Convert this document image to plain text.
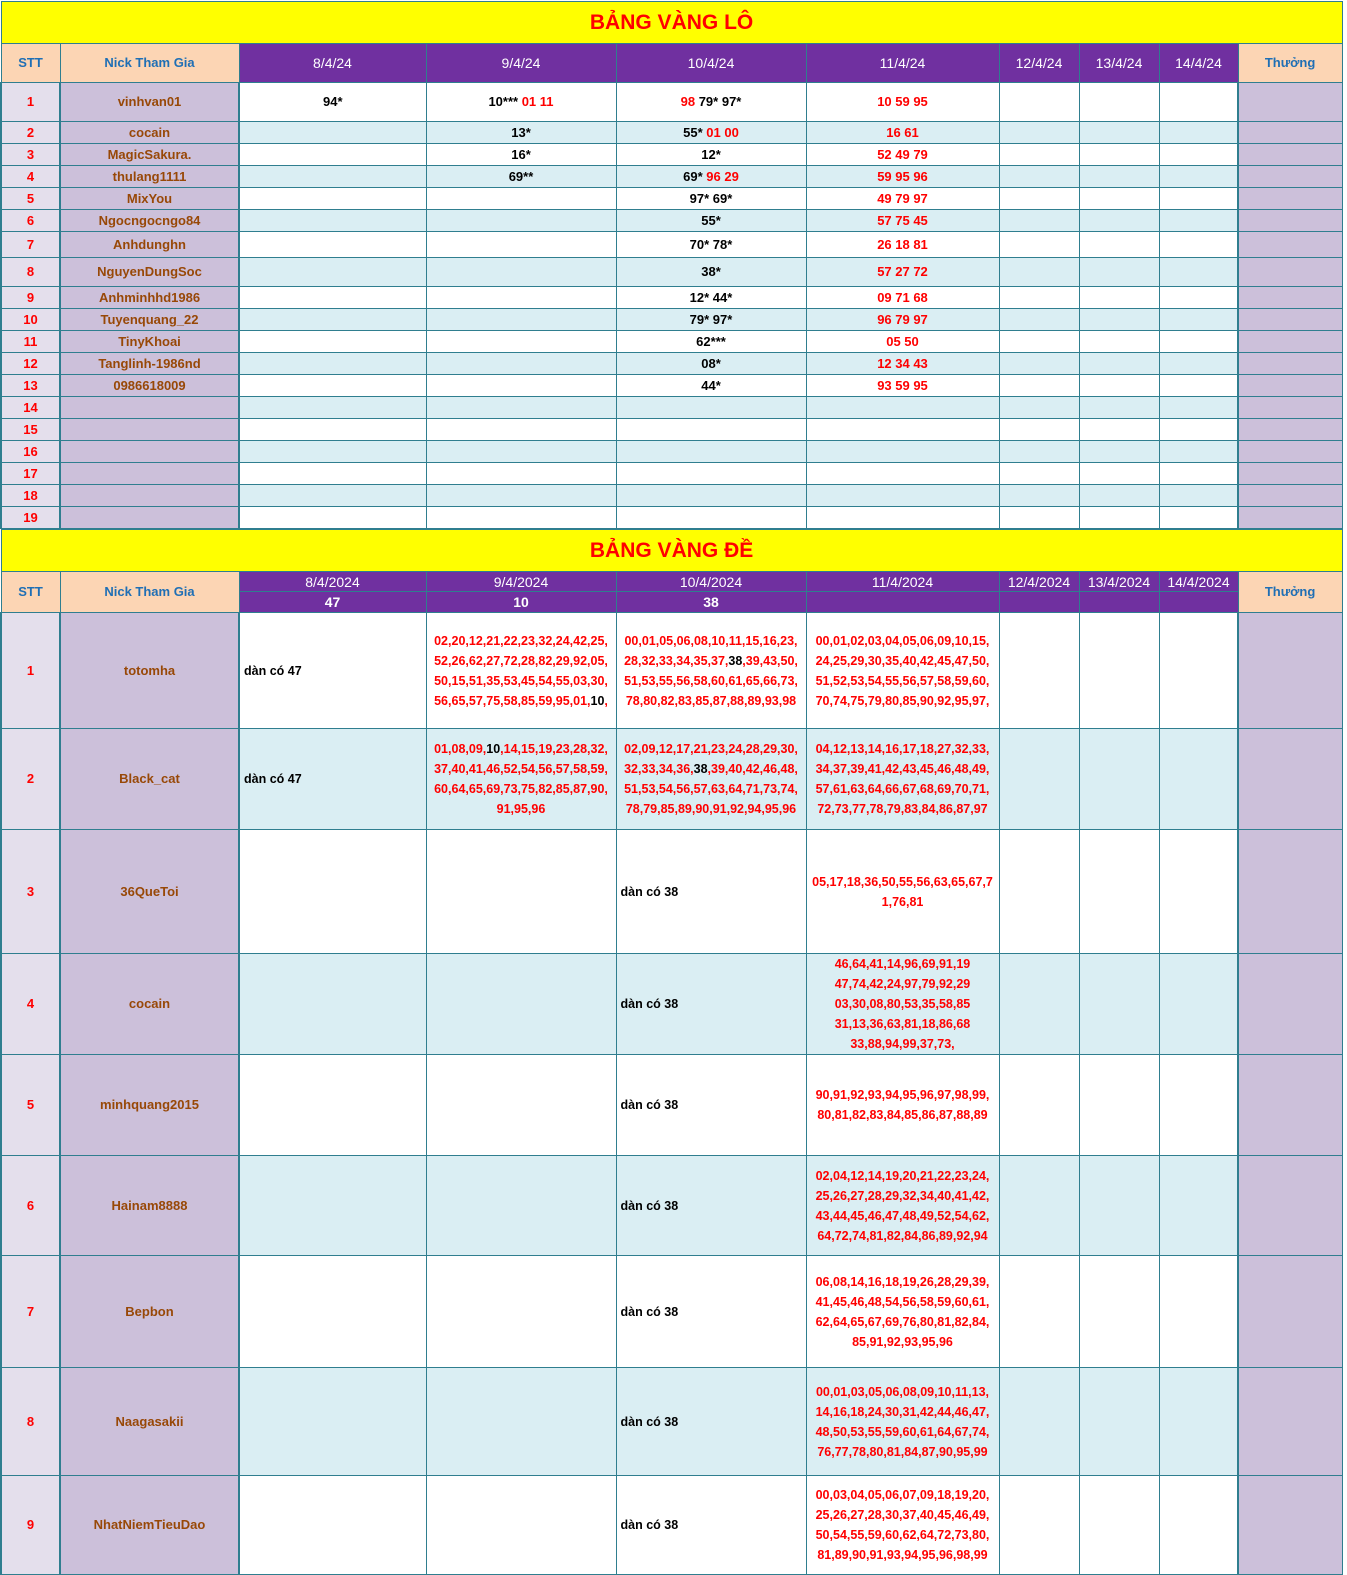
BẢNG VÀNG LÔ									
STT	Nick Tham Gia	8/4/24	9/4/24	10/4/24	11/4/24	12/4/24	13/4/24	14/4/24	Thưởng
1	vinhvan01	94*	10*** 01 11	98 79* 97*	10 59 95				
2	cocain		13*	55* 01 00	16 61				
3	MagicSakura.		16*	12*	52 49 79				
4	thulang1111		69**	69* 96 29	59 95 96				
5	MixYou			97* 69*	49 79 97				
6	Ngocngocngo84			55*	57 75 45				
7	Anhdunghn			70* 78*	26 18 81				
8	NguyenDungSoc			38*	57 27 72				
9	Anhminhhd1986			12* 44*	09 71 68				
10	Tuyenquang_22			79* 97*	96 79 97				
11	TinyKhoai			62***	05 50				
12	Tanglinh-1986nd			08*	12 34 43				
13	0986618009			44*	93 59 95				
14									
15									
16									
17									
18									
19									
BẢNG VÀNG ĐỀ									
STT	Nick Tham Gia	8/4/2024	9/4/2024	10/4/2024	11/4/2024	12/4/2024	13/4/2024	14/4/2024	Thưởng
		47	10	38					
1	totomha	dàn có 47	02,20,12,21,22,23,32,24,42,25,
52,26,62,27,72,28,82,29,92,05,
50,15,51,35,53,45,54,55,03,30,
56,65,57,75,58,85,59,95,01,10,	00,01,05,06,08,10,11,15,16,23,
28,32,33,34,35,37,38,39,43,50,
51,53,55,56,58,60,61,65,66,73,
78,80,82,83,85,87,88,89,93,98	00,01,02,03,04,05,06,09,10,15,
24,25,29,30,35,40,42,45,47,50,
51,52,53,54,55,56,57,58,59,60,
70,74,75,79,80,85,90,92,95,97,				

2	Black_cat	dàn có 47	01,08,09,10,14,15,19,23,28,32,
37,40,41,46,52,54,56,57,58,59,
60,64,65,69,73,75,82,85,87,90,
91,95,96	02,09,12,17,21,23,24,28,29,30,
32,33,34,36,38,39,40,42,46,48,
51,53,54,56,57,63,64,71,73,74,
78,79,85,89,90,91,92,94,95,96	04,12,13,14,16,17,18,27,32,33,
34,37,39,41,42,43,45,46,48,49,
57,61,63,64,66,67,68,69,70,71,
72,73,77,78,79,83,84,86,87,97				

3	36QueToi			dàn có 38	05,17,18,36,50,55,56,63,65,67,7
1,76,81				

4	cocain			dàn có 38	46,64,41,14,96,69,91,19
47,74,42,24,97,79,92,29
03,30,08,80,53,35,58,85
31,13,36,63,81,18,86,68
33,88,94,99,37,73,				

5	minhquang2015			dàn có 38	90,91,92,93,94,95,96,97,98,99,
80,81,82,83,84,85,86,87,88,89				

6	Hainam8888			dàn có 38	02,04,12,14,19,20,21,22,23,24,
25,26,27,28,29,32,34,40,41,42,
43,44,45,46,47,48,49,52,54,62,
64,72,74,81,82,84,86,89,92,94				

7	Bepbon			dàn có 38	06,08,14,16,18,19,26,28,29,39,
41,45,46,48,54,56,58,59,60,61,
62,64,65,67,69,76,80,81,82,84,
85,91,92,93,95,96				

8	Naagasakii			dàn có 38	00,01,03,05,06,08,09,10,11,13,
14,16,18,24,30,31,42,44,46,47,
48,50,53,55,59,60,61,64,67,74,
76,77,78,80,81,84,87,90,95,99				

9	NhatNiemTieuDao			dàn có 38	00,03,04,05,06,07,09,18,19,20,
25,26,27,28,30,37,40,45,46,49,
50,54,55,59,60,62,64,72,73,80,
81,89,90,91,93,94,95,96,98,99				
